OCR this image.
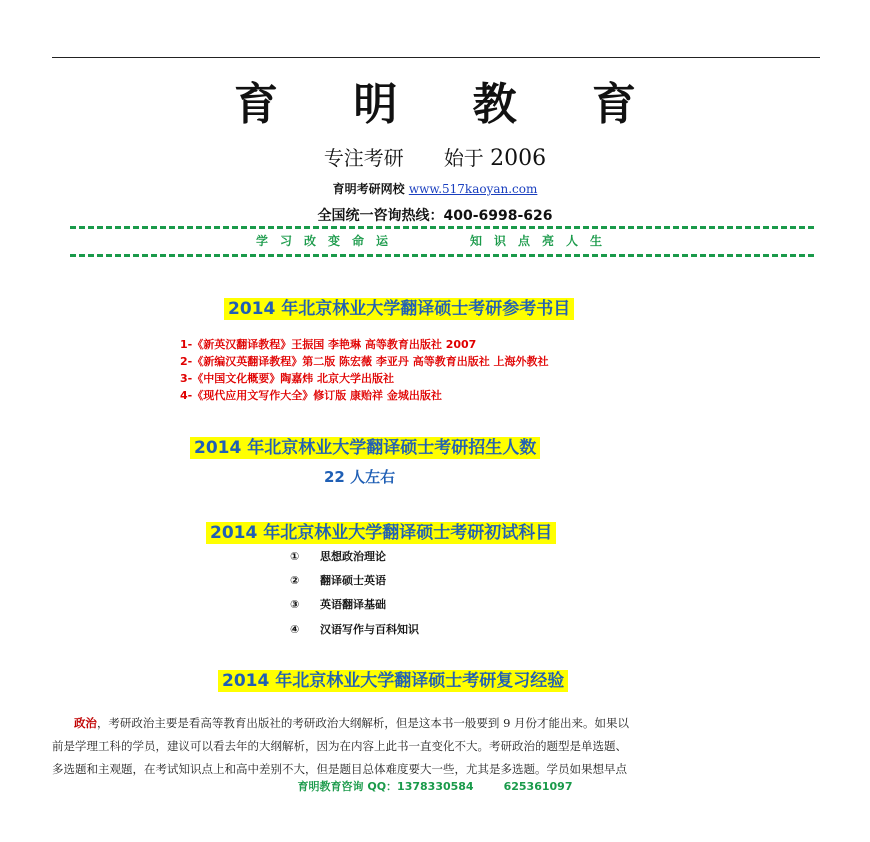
育 明 教 育
专注考研 始于 2006
育明考研网校 www.517kaoyan.com
全国统一咨询热线：400-6998-626
学习改变命运	知识点亮人生
2014 年北京林业大学翻译硕士考研参考书目
1-《新英汉翻译教程》王振国 李艳琳 高等教育出版社 2007
2-《新编汉英翻译教程》第二版 陈宏薇 李亚丹 高等教育出版社 上海外教社
3-《中国文化概要》陶嘉炜 北京大学出版社
4-《现代应用文写作大全》修订版 康贻祥 金城出版社
2014 年北京林业大学翻译硕士考研招生人数
22 人左右
2014 年北京林业大学翻译硕士考研初试科目
① 思想政治理论
② 翻译硕士英语
③ 英语翻译基础
④ 汉语写作与百科知识
2014 年北京林业大学翻译硕士考研复习经验
政治，考研政治主要是看高等教育出版社的考研政治大纲解析，但是这本书一般要到 9 月份才能出来。如果以
前是学理工科的学员，建议可以看去年的大纲解析，因为在内容上此书一直变化不大。考研政治的题型是单选题、
多选题和主观题，在考试知识点上和高中差别不大，但是题目总体难度要大一些，尤其是多选题。学员如果想早点
育明教育咨询 QQ：1378330584	625361097
